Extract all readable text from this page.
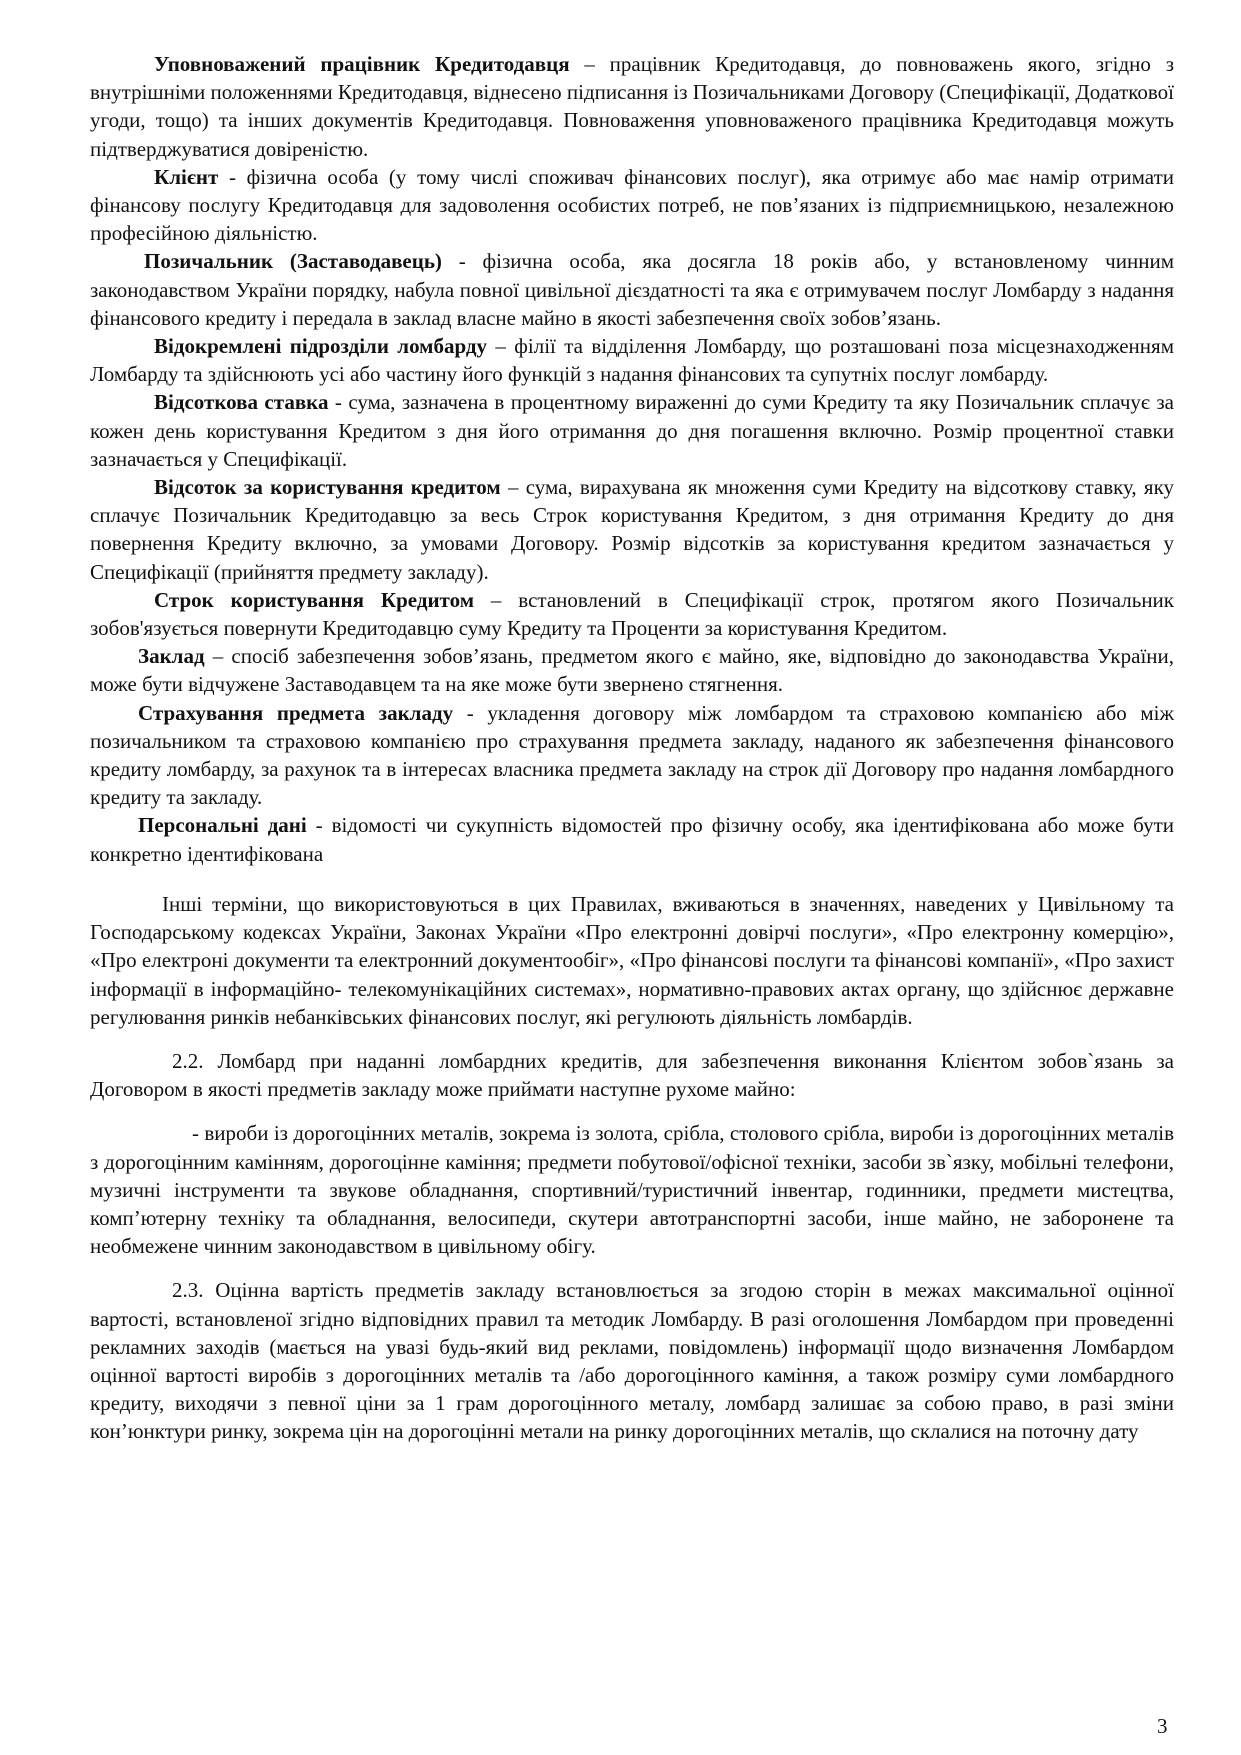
Уповноважений працівник Кредитодавця – працівник Кредитодавця, до повноважень якого, згідно з внутрішніми положеннями Кредитодавця, віднесено підписання із Позичальниками Договору (Специфікації, Додаткової угоди, тощо) та інших документів Кредитодавця. Повноваження уповноваженого працівника Кредитодавця можуть підтверджуватися довіреністю.

Клієнт - фізична особа (у тому числі споживач фінансових послуг), яка отримує або має намір отримати фінансову послугу Кредитодавця для задоволення особистих потреб, не пов’язаних із підприємницькою, незалежною професійною діяльністю.

Позичальник (Заставодавець) - фізична особа, яка досягла 18 років або, у встановленому чинним законодавством України порядку, набула повної цивільної дієздатності та яка є отримувачем послуг Ломбарду з надання фінансового кредиту і передала в заклад власне майно в якості забезпечення своїх зобов’язань.

Відокремлені підрозділи ломбарду – філії та відділення Ломбарду, що розташовані поза місцезнаходженням Ломбарду та здійснюють усі або частину його функцій з надання фінансових та супутніх послуг ломбарду.

Відсоткова ставка - сума, зазначена в процентному вираженні до суми Кредиту та яку Позичальник сплачує за кожен день користування Кредитом з дня його отримання до дня погашення включно. Розмір процентної ставки зазначається у Специфікації.

Відсоток за користування кредитом – сума, вирахувана як множення суми Кредиту на відсоткову ставку, яку сплачує Позичальник Кредитодавцю за весь Строк користування Кредитом, з дня отримання Кредиту до дня повернення Кредиту включно, за умовами Договору. Розмір відсотків за користування кредитом зазначається у Специфікації (прийняття предмету закладу).

Строк користування Кредитом – встановлений в Специфікації строк, протягом якого Позичальник зобов'язується повернути Кредитодавцю суму Кредиту та Проценти за користування Кредитом.

Заклад – спосіб забезпечення зобов’язань, предметом якого є майно, яке, відповідно до законодавства України, може бути відчужене Заставодавцем та на яке може бути звернено стягнення.

Страхування предмета закладу - укладення договору між ломбардом та страховою компанією або між позичальником та страховою компанією про страхування предмета закладу, наданого як забезпечення фінансового кредиту ломбарду, за рахунок та в інтересах власника предмета закладу на строк дії Договору про надання ломбардного кредиту та закладу.

Персональні дані - відомості чи сукупність відомостей про фізичну особу, яка ідентифікована або може бути конкретно ідентифікована

Інші терміни, що використовуються в цих Правилах, вживаються в значеннях, наведених у Цивільному та Господарському кодексах України, Законах України «Про електронні довірчі послуги», «Про електронну комерцію», «Про електроні документи та електронний документообіг», «Про фінансові послуги та фінансові компанії», «Про захист інформації в інформаційно- телекомунікаційних системах», нормативно-правових актах органу, що здійснює державне регулювання ринків небанківських фінансових послуг, які регулюють діяльність ломбардів.

2.2. Ломбард при наданні ломбардних кредитів, для забезпечення виконання Клієнтом зобов`язань за Договором в якості предметів закладу може приймати наступне рухоме майно:

- вироби із дорогоцінних металів, зокрема із золота, срібла, столового срібла, вироби із дорогоцінних металів з дорогоцінним камінням, дорогоцінне каміння; предмети побутової/офісної техніки, засоби зв`язку, мобільні телефони, музичні інструменти та звукове обладнання, спортивний/туристичний інвентар, годинники, предмети мистецтва, комп’ютерну техніку та обладнання, велосипеди, скутери автотранспортні засоби, інше майно, не заборонене та необмежене чинним законодавством в цивільному обігу.

2.3. Оцінна вартість предметів закладу встановлюється за згодою сторін в межах максимальної оцінної вартості, встановленої згідно відповідних правил та методик Ломбарду. В разі оголошення Ломбардом при проведенні рекламних заходів (мається на увазі будь-який вид реклами, повідомлень) інформації щодо визначення Ломбардом оцінної вартості виробів з дорогоцінних металів та /або дорогоцінного каміння, а також розміру суми ломбардного кредиту, виходячи з певної ціни за 1 грам дорогоцінного металу, ломбард залишає за собою право, в разі зміни кон’юнктури ринку, зокрема цін на дорогоцінні метали на ринку дорогоцінних металів, що склалися на поточну дату

3
